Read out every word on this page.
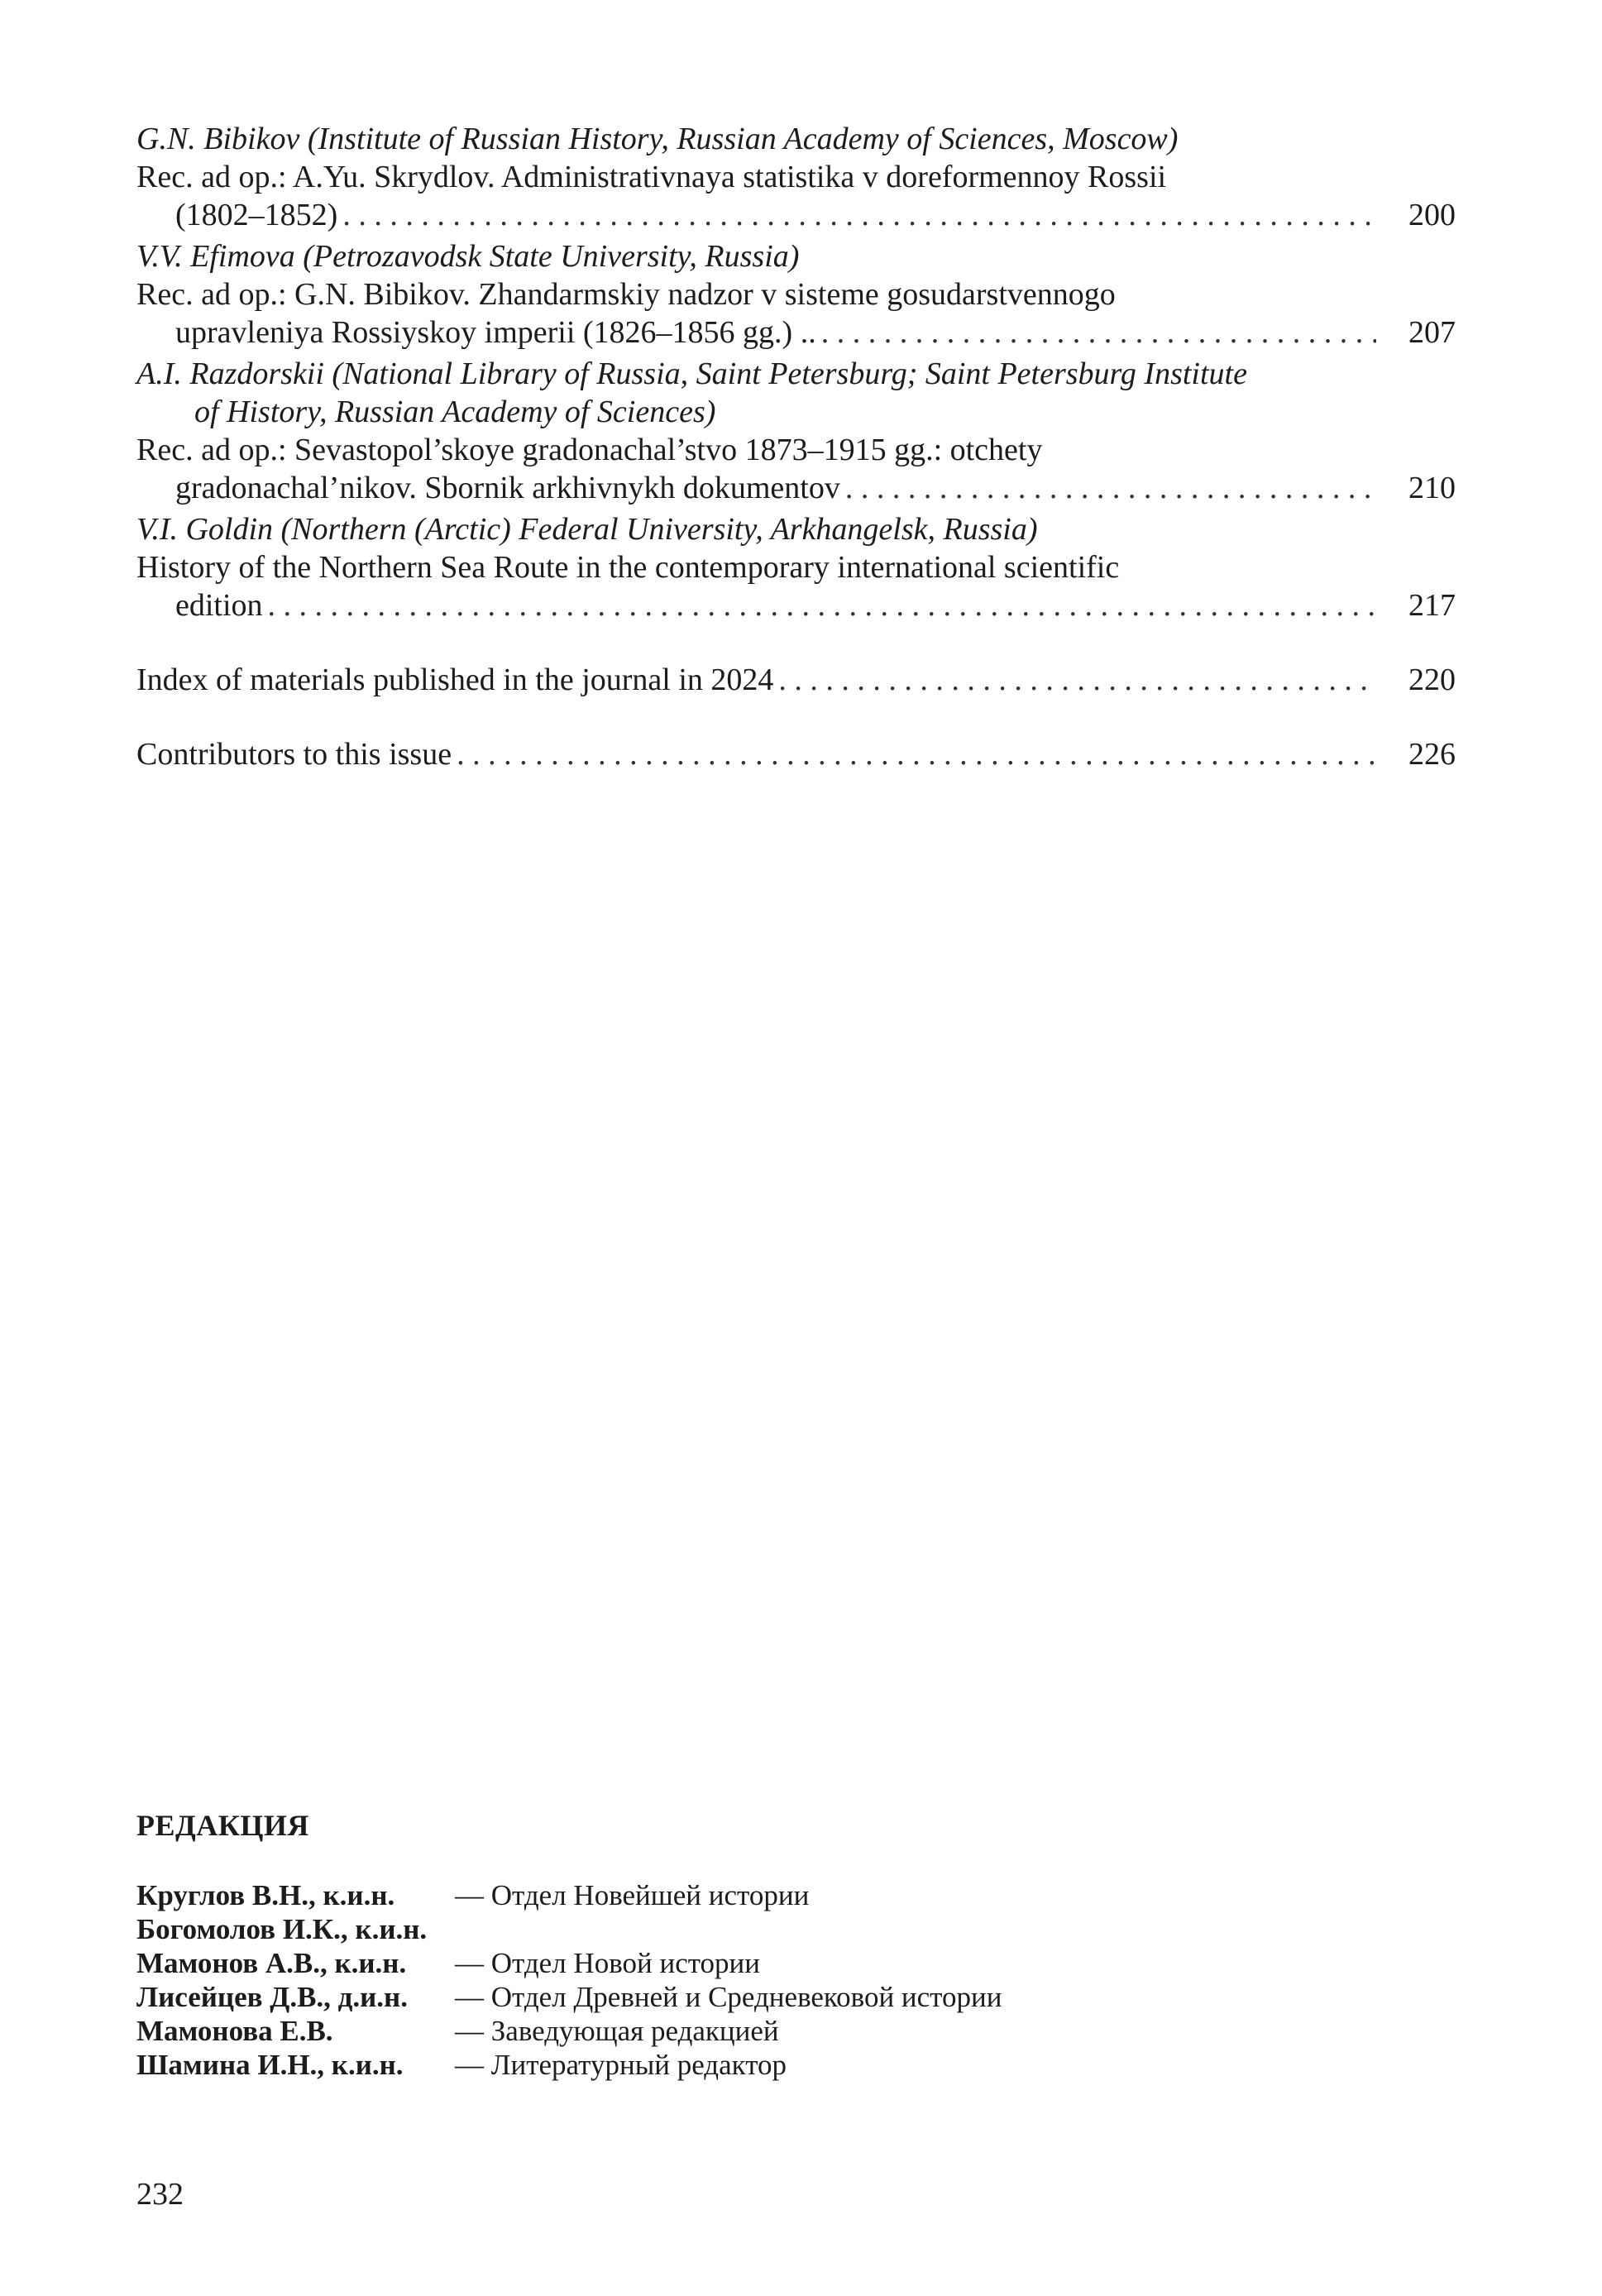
G.N. Bibikov (Institute of Russian History, Russian Academy of Sciences, Moscow)
Rec. ad op.: A.Yu. Skrydlov. Administrativnaya statistika v doreformennoy Rossii
(1802–1852) . . .	200
V.V. Efimova (Petrozavodsk State University, Russia)
Rec. ad op.: G.N. Bibikov. Zhandarmskiy nadzor v sisteme gosudarstvennogo
upravleniya Rossiyskoy imperii (1826–1856 gg.) .. . . .	207
A.I. Razdorskii (National Library of Russia, Saint Petersburg; Saint Petersburg Institute
of History, Russian Academy of Sciences)
Rec. ad op.: Sevastopol’skoye gradonachal’stvo 1873–1915 gg.: otchety
gradonachal’nikov. Sbornik arkhivnykh dokumentov . . .	210
V.I. Goldin (Northern (Arctic) Federal University, Arkhangelsk, Russia)
History of the Northern Sea Route in the contemporary international scientific
edition . . .	217
Index of materials published in the journal in 2024 . . .	220
Contributors to this issue . . .	226
РЕДАКЦИЯ
Круглов В.Н., к.и.н.	— Отдел Новейшей истории
Богомолов И.К., к.и.н.
Мамонов А.В., к.и.н.	— Отдел Новой истории
Лисейцев Д.В., д.и.н.	— Отдел Древней и Средневековой истории
Мамонова Е.В.	— Заведующая редакцией
Шамина И.Н., к.и.н.	— Литературный редактор
232
